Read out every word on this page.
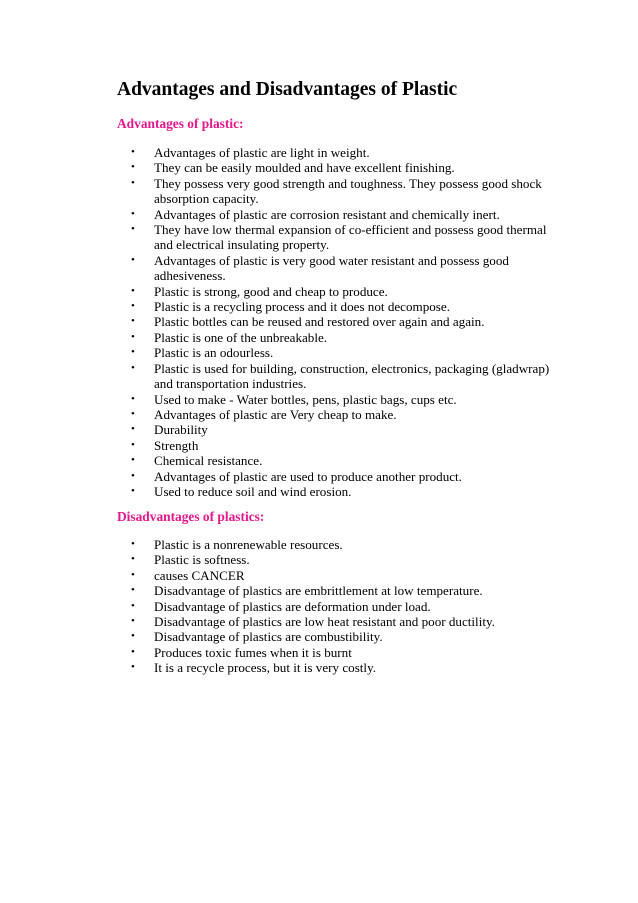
Advantages and Disadvantages of Plastic
Advantages of plastic:
• Advantages of plastic are light in weight.
• They can be easily moulded and have excellent finishing.
• They possess very good strength and toughness. They possess good shock absorption capacity.
• Advantages of plastic are corrosion resistant and chemically inert.
• They have low thermal expansion of co-efficient and possess good thermal and electrical insulating property.
• Advantages of plastic is very good water resistant and possess good adhesiveness.
• Plastic is strong, good and cheap to produce.
• Plastic is a recycling process and it does not decompose.
• Plastic bottles can be reused and restored over again and again.
• Plastic is one of the unbreakable.
• Plastic is an odourless.
• Plastic is used for building, construction, electronics, packaging (gladwrap) and transportation industries.
• Used to make - Water bottles, pens, plastic bags, cups etc.
• Advantages of plastic are Very cheap to make.
• Durability
• Strength
• Chemical resistance.
• Advantages of plastic are used to produce another product.
• Used to reduce soil and wind erosion.
Disadvantages of plastics:
• Plastic is a nonrenewable resources.
• Plastic is softness.
• causes CANCER
• Disadvantage of plastics are embrittlement at low temperature.
• Disadvantage of plastics are deformation under load.
• Disadvantage of plastics are low heat resistant and poor ductility.
• Disadvantage of plastics are combustibility.
• Produces toxic fumes when it is burnt
• It is a recycle process, but it is very costly.
